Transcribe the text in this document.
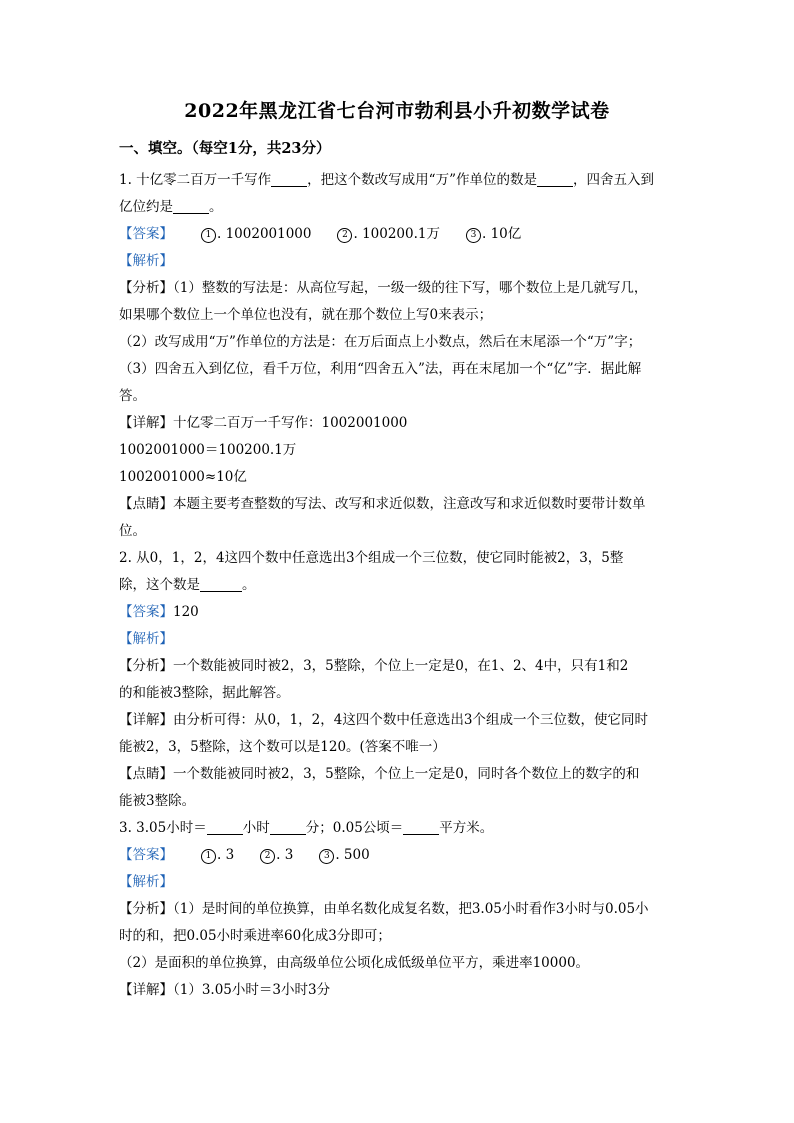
2022年黑龙江省七台河市勃利县小升初数学试卷
一、填空。（每空1分，共23分）
1. 十亿零二百万一千写作	，把这个数改写成用“万”作单位的数是	，四舍五入到
亿位约是	。
【答案】	1 . 1002001000	2 . 100200.1万	3 . 10亿
【解析】
【分析】（1）整数的写法是：从高位写起，一级一级的往下写，哪个数位上是几就写几，
如果哪个数位上一个单位也没有，就在那个数位上写0来表示；
（2）改写成用“万”作单位的方法是：在万后面点上小数点，然后在末尾添一个“万”字；
（3）四舍五入到亿位，看千万位，利用“四舍五入”法，再在末尾加一个“亿”字．据此解
答。
【详解】十亿零二百万一千写作：1002001000
1002001000＝100200.1万
1002001000≈10亿
【点睛】本题主要考查整数的写法、改写和求近似数，注意改写和求近似数时要带计数单
位。
2. 从0，1，2，4这四个数中任意选出3个组成一个三位数，使它同时能被2，3，5整
除，这个数是	。
【答案】120
【解析】
【分析】一个数能被同时被2，3，5整除，个位上一定是0，在1、2、4中，只有1和2
的和能被3整除，据此解答。
【详解】由分析可得：从0，1，2，4这四个数中任意选出3个组成一个三位数，使它同时
能被2，3，5整除，这个数可以是120。(答案不唯一）
【点睛】一个数能被同时被2，3，5整除，个位上一定是0，同时各个数位上的数字的和
能被3整除。
3. 3.05小时＝	小时	分；0.05公顷＝	平方米。
【答案】	1 . 3	2 . 3	3 . 500
【解析】
【分析】（1）是时间的单位换算，由单名数化成复名数，把3.05小时看作3小时与0.05小
时的和，把0.05小时乘进率60化成3分即可；
（2）是面积的单位换算，由高级单位公顷化成低级单位平方，乘进率10000。
【详解】（1）3.05小时＝3小时3分
